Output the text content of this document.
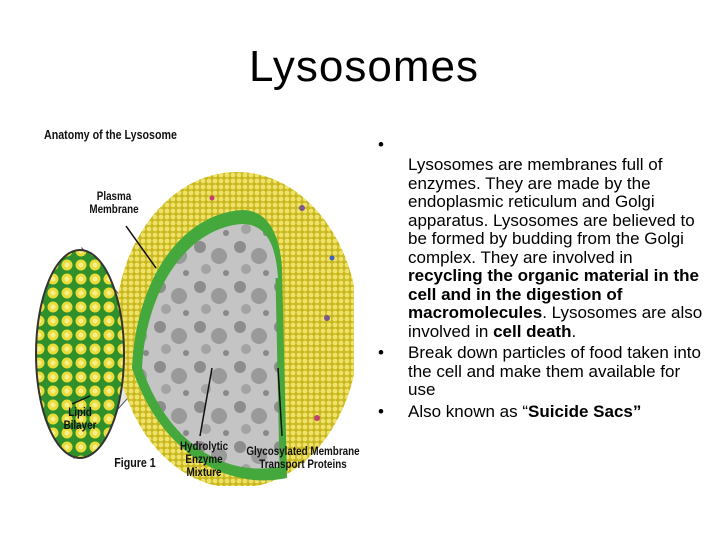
Lysosomes
Anatomy of the Lysosome
Plasma
Membrane
Lipid
Bilayer
Figure 1
Hydrolytic
Enzyme
Mixture
Glycosylated Membrane
Transport Proteins
• Lysosomes are membranes full of enzymes. They are made by the endoplasmic reticulum and Golgi apparatus. Lysosomes are believed to be formed by budding from the Golgi complex. They are involved in recycling the organic material in the cell and in the digestion of macromolecules. Lysosomes are also involved in cell death.
• Break down particles of food taken into the cell and make them available for use
• Also known as “Suicide Sacs”
